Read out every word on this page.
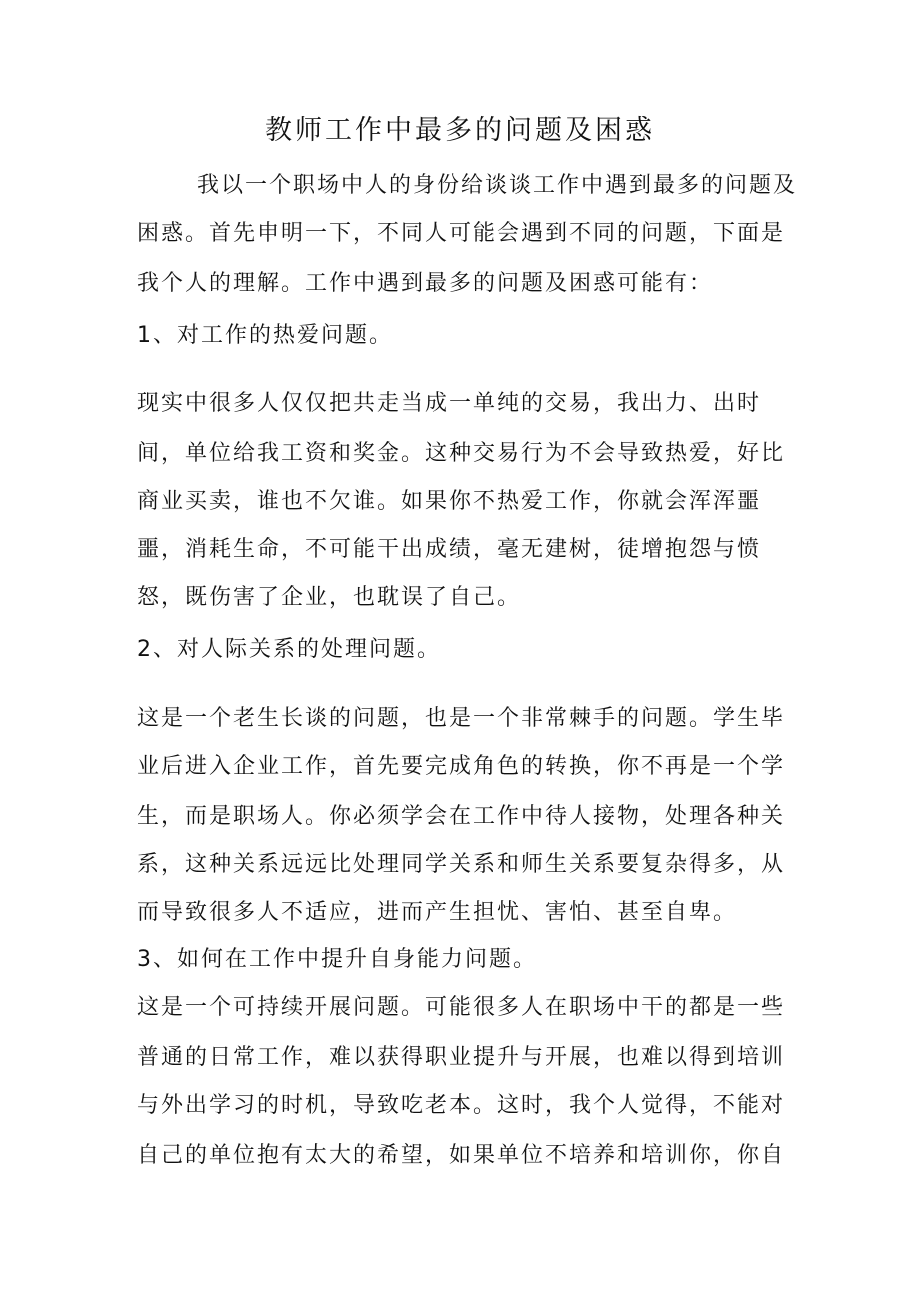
教师工作中最多的问题及困惑

我以一个职场中人的身份给谈谈工作中遇到最多的问题及

困惑。首先申明一下，不同人可能会遇到不同的问题，下面是

我个人的理解。工作中遇到最多的问题及困惑可能有：

1、对工作的热爱问题。

现实中很多人仅仅把共走当成一单纯的交易，我出力、出时

间，单位给我工资和奖金。这种交易行为不会导致热爱，好比

商业买卖，谁也不欠谁。如果你不热爱工作，你就会浑浑噩

噩，消耗生命，不可能干出成绩，毫无建树，徒增抱怨与愤

怒，既伤害了企业，也耽误了自己。

2、对人际关系的处理问题。

这是一个老生长谈的问题，也是一个非常棘手的问题。学生毕

业后进入企业工作，首先要完成角色的转换，你不再是一个学

生，而是职场人。你必须学会在工作中待人接物，处理各种关

系，这种关系远远比处理同学关系和师生关系要复杂得多，从

而导致很多人不适应，进而产生担忧、害怕、甚至自卑。

3、如何在工作中提升自身能力问题。

这是一个可持续开展问题。可能很多人在职场中干的都是一些

普通的日常工作，难以获得职业提升与开展，也难以得到培训

与外出学习的时机，导致吃老本。这时，我个人觉得，不能对

自己的单位抱有太大的希望，如果单位不培养和培训你，你自
